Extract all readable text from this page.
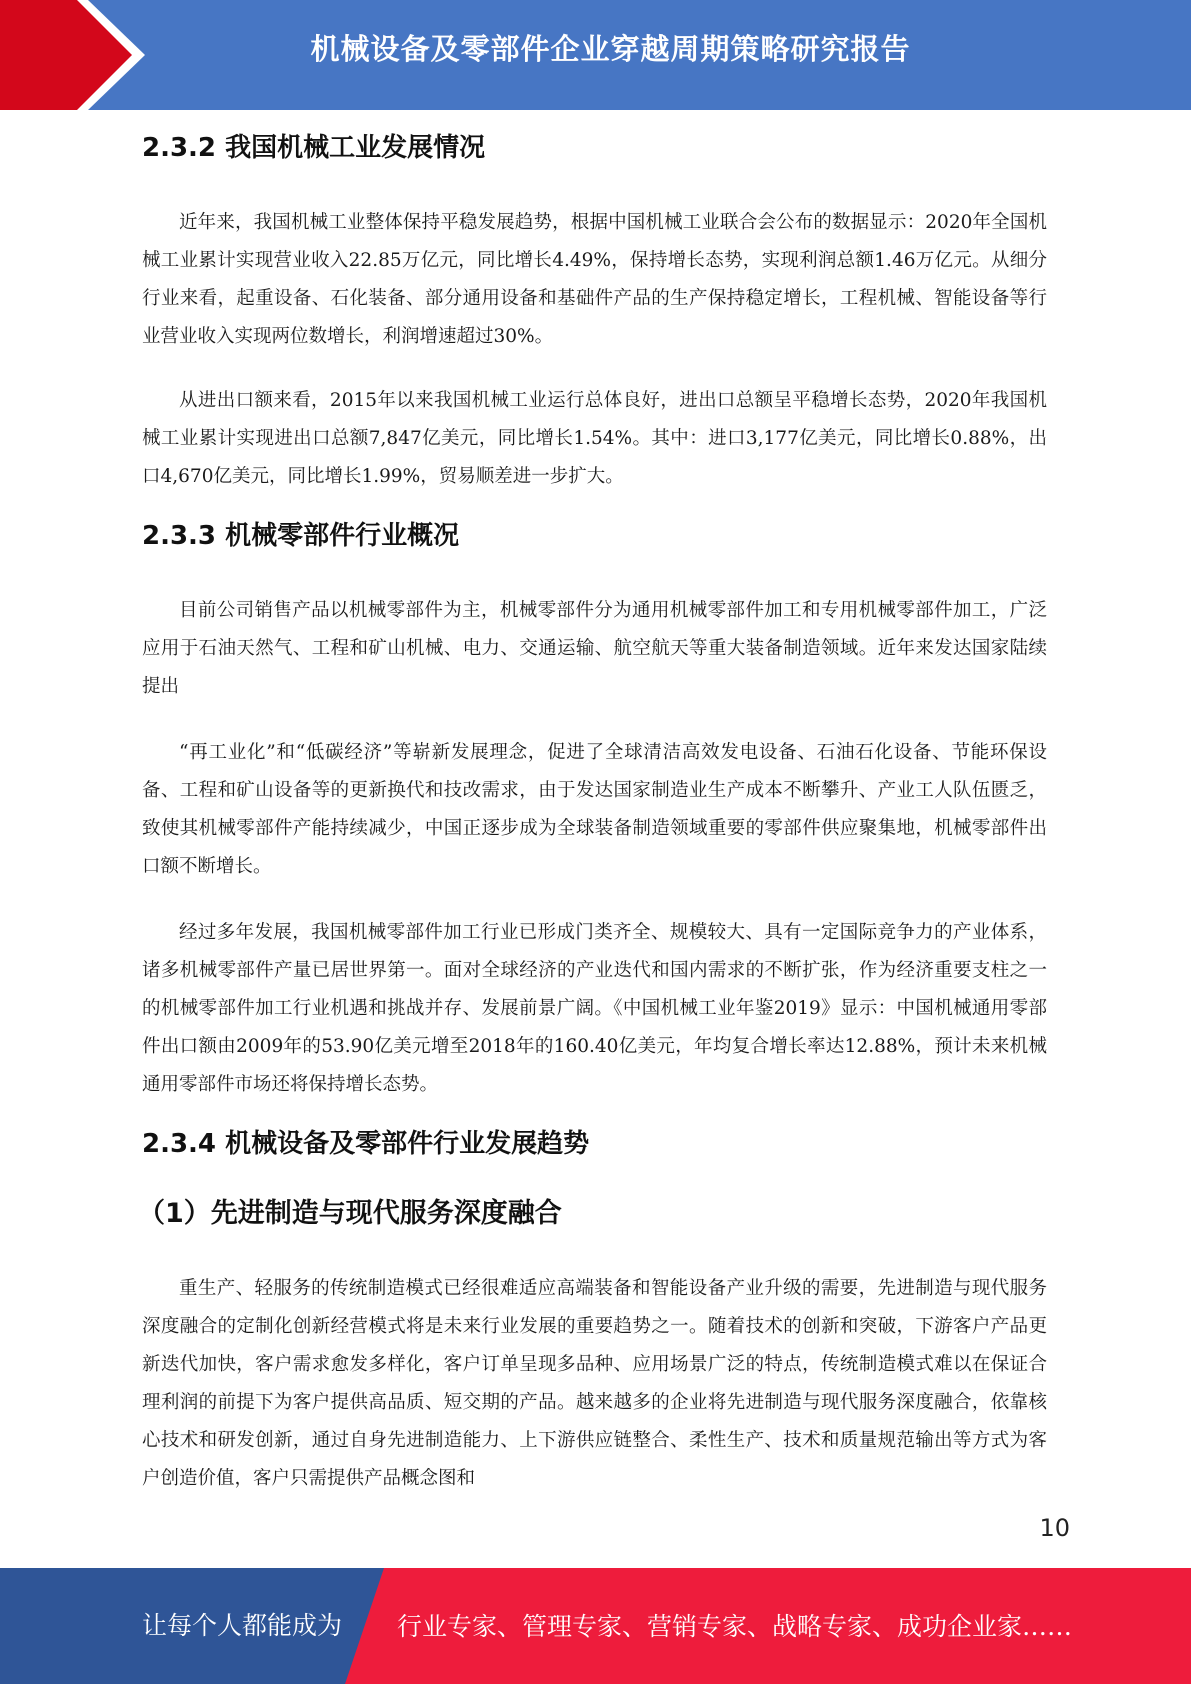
机械设备及零部件企业穿越周期策略研究报告
2.3.2 我国机械工业发展情况

近年来，我国机械工业整体保持平稳发展趋势，根据中国机械工业联合会公布的数据显示：2020年全国机械工业累计实现营业收入22.85万亿元，同比增长4.49%，保持增长态势，实现利润总额1.46万亿元。从细分行业来看，起重设备、石化装备、部分通用设备和基础件产品的生产保持稳定增长，工程机械、智能设备等行业营业收入实现两位数增长，利润增速超过30%。

从进出口额来看，2015年以来我国机械工业运行总体良好，进出口总额呈平稳增长态势，2020年我国机械工业累计实现进出口总额7,847亿美元，同比增长1.54%。其中：进口3,177亿美元，同比增长0.88%，出口4,670亿美元，同比增长1.99%，贸易顺差进一步扩大。

2.3.3 机械零部件行业概况

目前公司销售产品以机械零部件为主，机械零部件分为通用机械零部件加工和专用机械零部件加工，广泛应用于石油天然气、工程和矿山机械、电力、交通运输、航空航天等重大装备制造领域。近年来发达国家陆续提出

“再工业化”和“低碳经济”等崭新发展理念，促进了全球清洁高效发电设备、石油石化设备、节能环保设备、工程和矿山设备等的更新换代和技改需求，由于发达国家制造业生产成本不断攀升、产业工人队伍匮乏，致使其机械零部件产能持续减少，中国正逐步成为全球装备制造领域重要的零部件供应聚集地，机械零部件出口额不断增长。

经过多年发展，我国机械零部件加工行业已形成门类齐全、规模较大、具有一定国际竞争力的产业体系，诸多机械零部件产量已居世界第一。面对全球经济的产业迭代和国内需求的不断扩张，作为经济重要支柱之一的机械零部件加工行业机遇和挑战并存、发展前景广阔。《中国机械工业年鉴2019》显示：中国机械通用零部件出口额由2009年的53.90亿美元增至2018年的160.40亿美元，年均复合增长率达12.88%，预计未来机械通用零部件市场还将保持增长态势。

2.3.4 机械设备及零部件行业发展趋势
（1）先进制造与现代服务深度融合

重生产、轻服务的传统制造模式已经很难适应高端装备和智能设备产业升级的需要，先进制造与现代服务深度融合的定制化创新经营模式将是未来行业发展的重要趋势之一。随着技术的创新和突破，下游客户产品更新迭代加快，客户需求愈发多样化，客户订单呈现多品种、应用场景广泛的特点，传统制造模式难以在保证合理利润的前提下为客户提供高品质、短交期的产品。越来越多的企业将先进制造与现代服务深度融合，依靠核心技术和研发创新，通过自身先进制造能力、上下游供应链整合、柔性生产、技术和质量规范输出等方式为客户创造价值，客户只需提供产品概念图和

10
让每个人都能成为 行业专家、管理专家、营销专家、战略专家、成功企业家……
